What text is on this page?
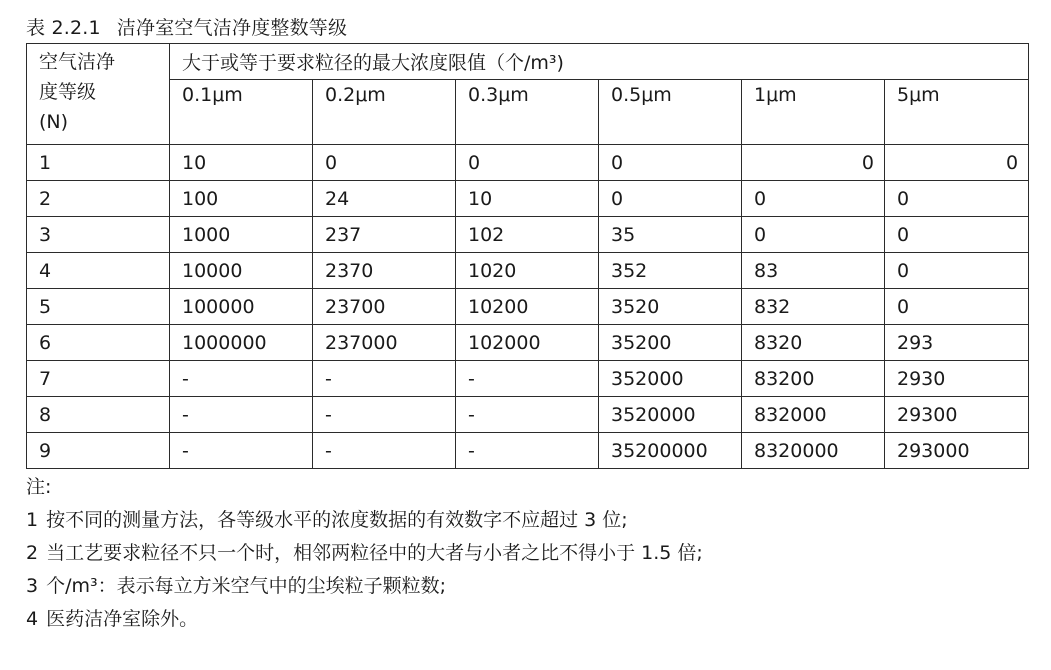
表 2.2.1 洁净室空气洁净度整数等级
空气洁净
度等级
(N)	大于或等于要求粒径的最大浓度限值（个/m³)					
	0.1μm	0.2μm	0.3μm	0.5μm	1μm	5μm
1	10	0	0	0	0	0
2	100	24	10	0	0	0
3	1000	237	102	35	0	0
4	10000	2370	1020	352	83	0
5	100000	23700	10200	3520	832	0
6	1000000	237000	102000	35200	8320	293
7	-	-	-	352000	83200	2930
8	-	-	-	3520000	832000	29300
9	-	-	-	35200000	8320000	293000
注:
1 按不同的测量方法，各等级水平的浓度数据的有效数字不应超过 3 位;
2 当工艺要求粒径不只一个时，相邻两粒径中的大者与小者之比不得小于 1.5 倍;
3 个/m³：表示每立方米空气中的尘埃粒子颗粒数;
4 医药洁净室除外。
